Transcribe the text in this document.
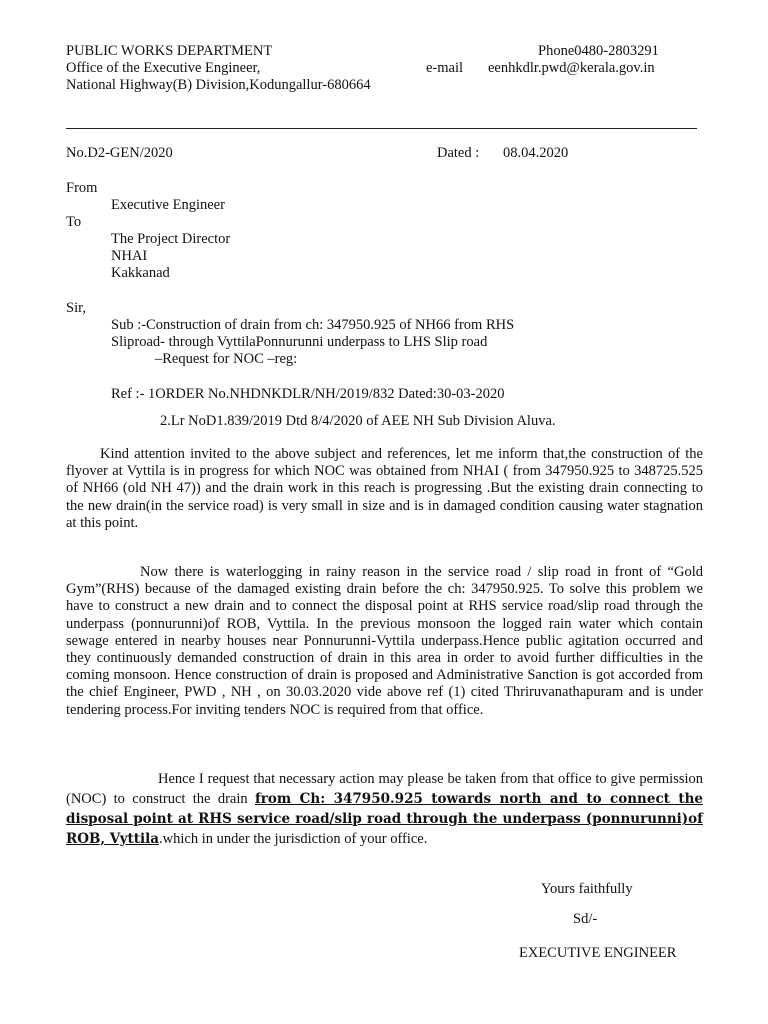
PUBLIC WORKS DEPARTMENT	Phone0480-2803291
Office of the Executive Engineer,	e-mail eenhkdlr.pwd@kerala.gov.in
National Highway(B) Division,Kodungallur-680664
No.D2-GEN/2020	Dated : 08.04.2020
From
Executive Engineer
To
The Project Director
NHAI
Kakkanad
Sir,
Sub :-Construction of drain from ch: 347950.925 of NH66 from RHS
Sliproad- through VyttilaPonnurunni underpass to LHS Slip road
–Request for NOC –reg:
Ref :- 1ORDER No.NHDNKDLR/NH/2019/832 Dated:30-03-2020
2.Lr NoD1.839/2019 Dtd 8/4/2020 of AEE NH Sub Division Aluva.

Kind attention invited to the above subject and references, let me inform that,the construction of the flyover at Vyttila is in progress for which NOC was obtained from NHAI ( from 347950.925 to 348725.525 of NH66 (old NH 47)) and the drain work in this reach is progressing .But the existing drain connecting to the new drain(in the service road) is very small in size and is in damaged condition causing water stagnation at this point.

Now there is waterlogging in rainy reason in the service road / slip road in front of “Gold Gym”(RHS) because of the damaged existing drain before the ch: 347950.925. To solve this problem we have to construct a new drain and to connect the disposal point at RHS service road/slip road through the underpass (ponnurunni)of ROB, Vyttila. In the previous monsoon the logged rain water which contain sewage entered in nearby houses near Ponnurunni-Vyttila underpass.Hence public agitation occurred and they continuously demanded construction of drain in this area in order to avoid further difficulties in the coming monsoon. Hence construction of drain is proposed and Administrative Sanction is got accorded from the chief Engineer, PWD , NH , on 30.03.2020 vide above ref (1) cited Thriruvanathapuram and is under tendering process.For inviting tenders NOC is required from that office.

Hence I request that necessary action may please be taken from that office to give permission (NOC) to construct the drain from Ch: 347950.925 towards north and to connect the disposal point at RHS service road/slip road through the underpass (ponnurunni)of ROB, Vyttila.which in under the jurisdiction of your office.

Yours faithfully
Sd/-
EXECUTIVE ENGINEER
